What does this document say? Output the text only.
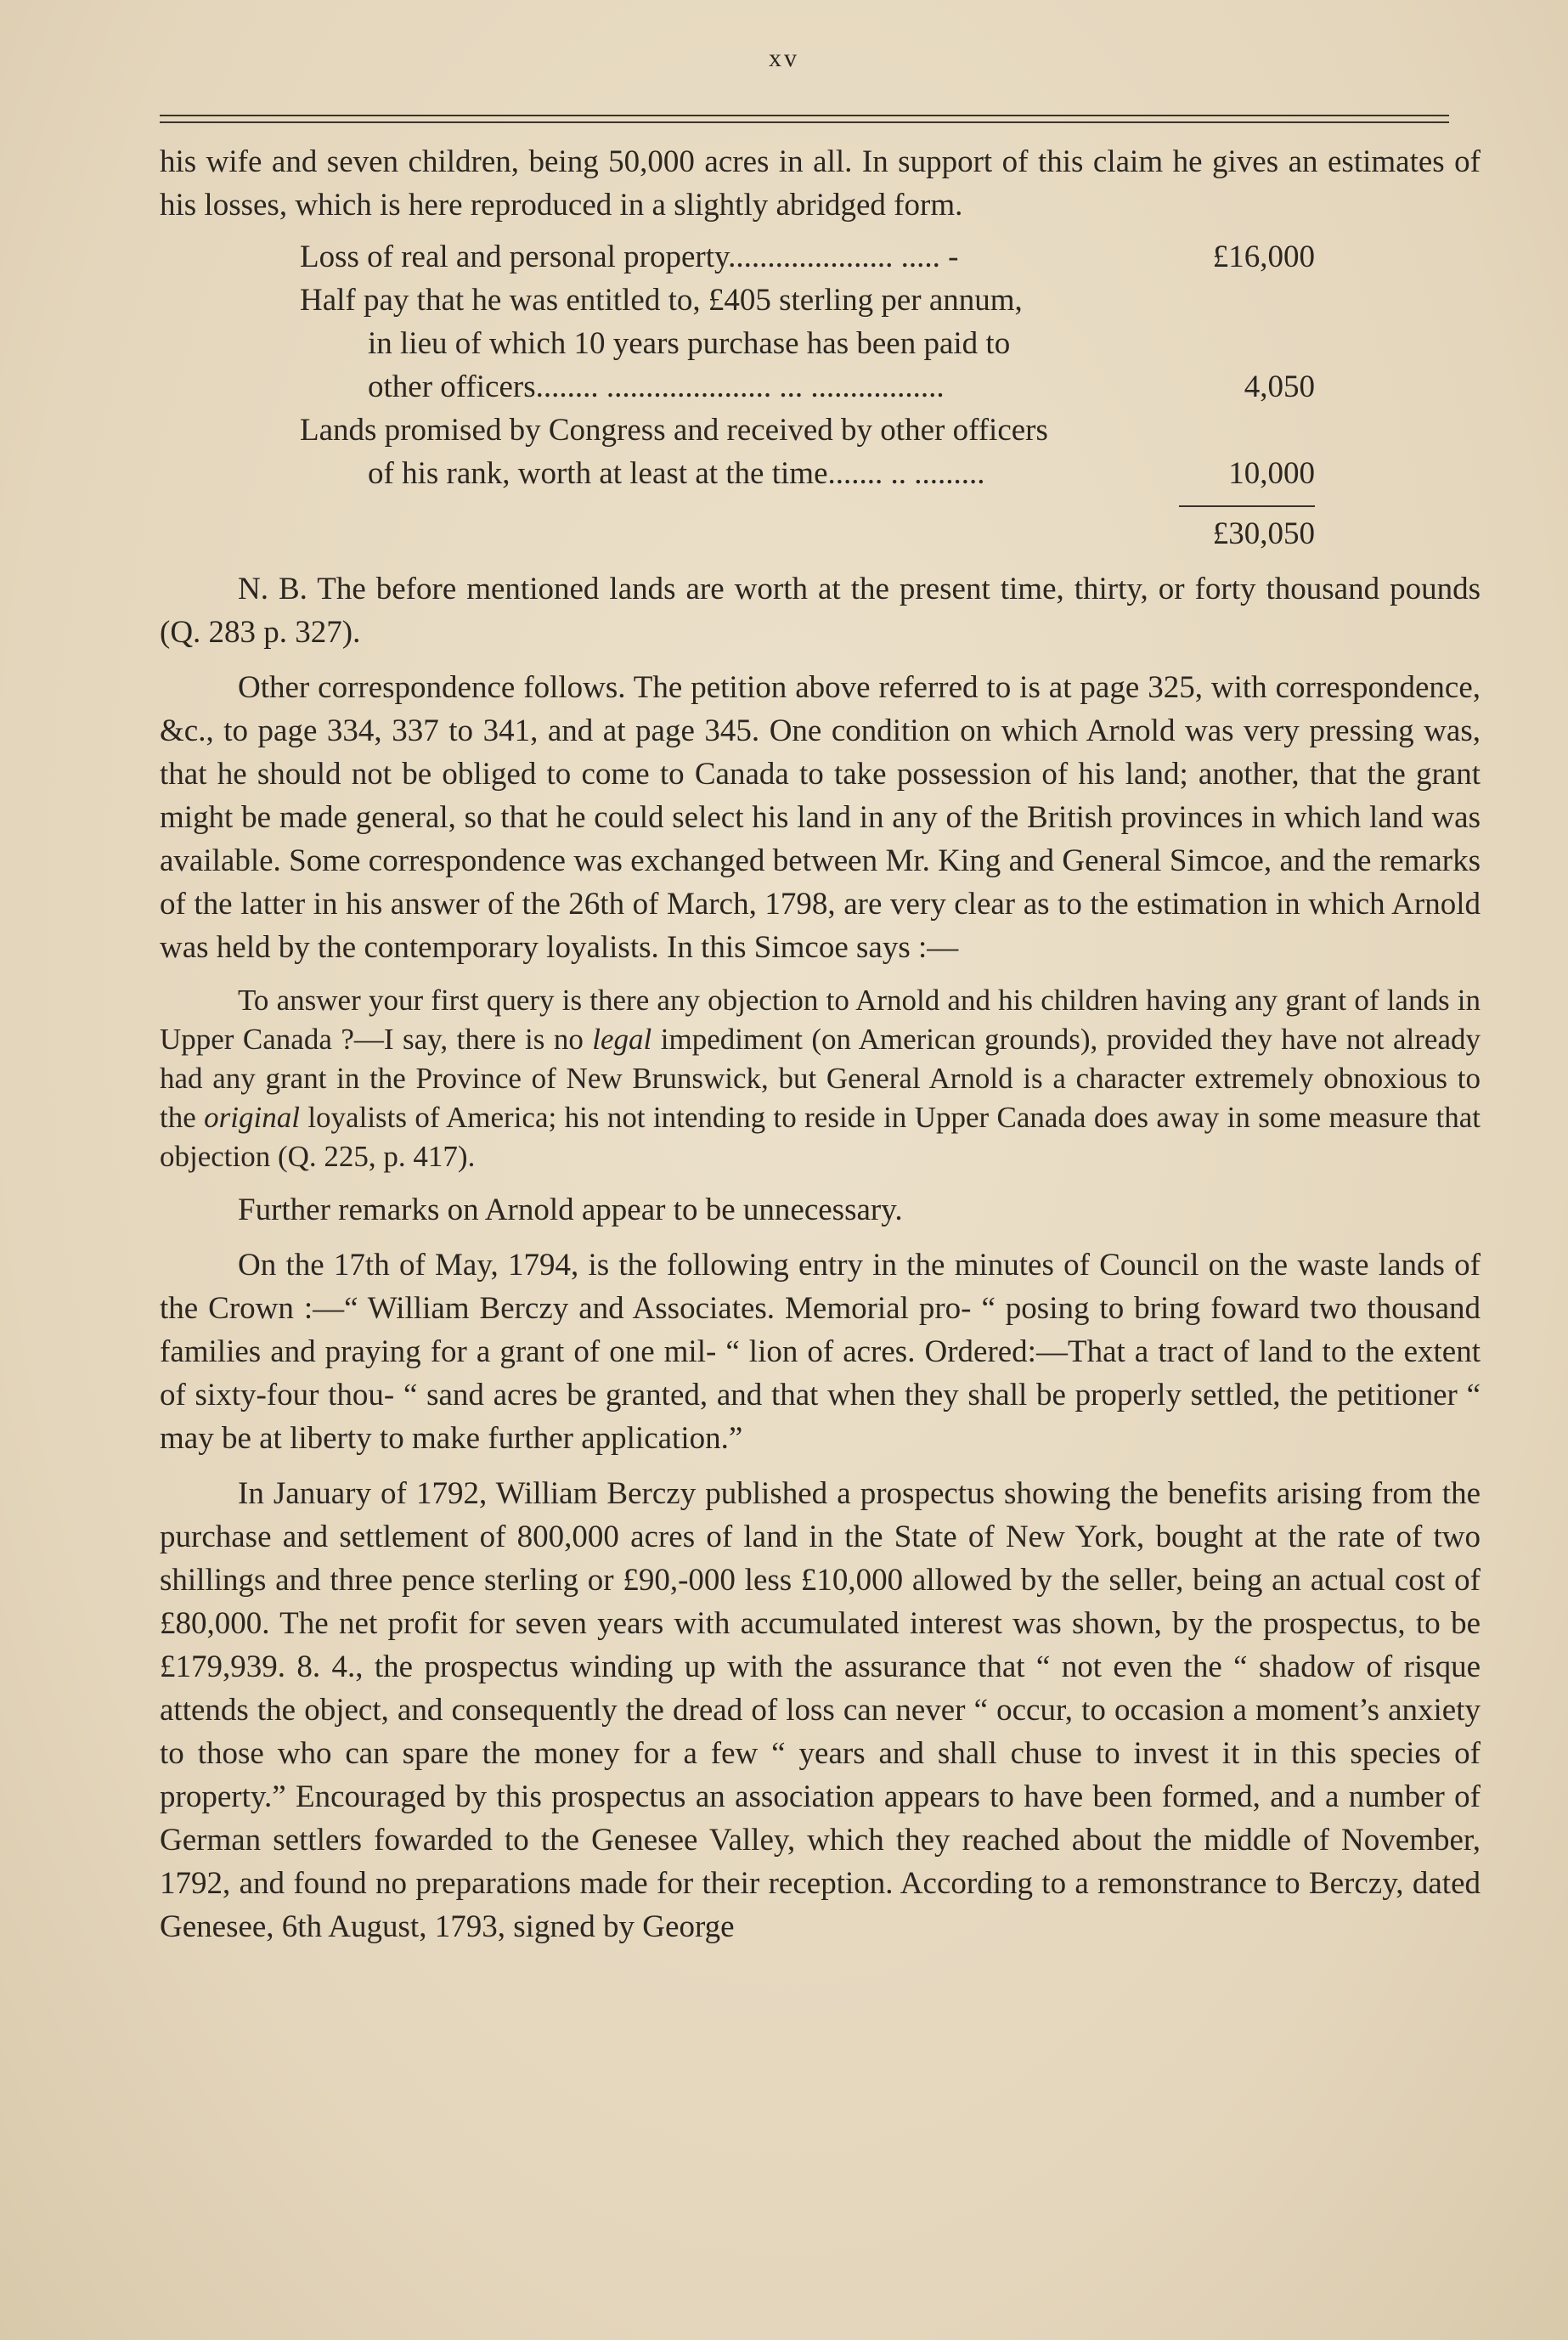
xv

his wife and seven children, being 50,000 acres in all. In support of this claim he gives an estimates of his losses, which is here reproduced in a slightly abridged form.

Loss of real and personal property..................... ..... -	£16,000
Half pay that he was entitled to, £405 sterling per annum,
in lieu of which 10 years purchase has been paid to
other officers........ ..................... ... .................	4,050
Lands promised by Congress and received by other officers
of his rank, worth at least at the time....... .. .........	10,000
£30,050

N. B. The before mentioned lands are worth at the present time, thirty, or forty thousand pounds (Q. 283 p. 327).

Other correspondence follows. The petition above referred to is at page 325, with correspondence, &c., to page 334, 337 to 341, and at page 345. One condition on which Arnold was very pressing was, that he should not be obliged to come to Canada to take possession of his land; another, that the grant might be made general, so that he could select his land in any of the British provinces in which land was available. Some correspondence was exchanged between Mr. King and General Simcoe, and the remarks of the latter in his answer of the 26th of March, 1798, are very clear as to the estimation in which Arnold was held by the contemporary loyalists. In this Simcoe says :—

To answer your first query is there any objection to Arnold and his children having any grant of lands in Upper Canada ?—I say, there is no legal impediment (on American grounds), provided they have not already had any grant in the Province of New Brunswick, but General Arnold is a character extremely obnoxious to the original loyalists of America; his not intending to reside in Upper Canada does away in some measure that objection (Q. 225, p. 417).

Further remarks on Arnold appear to be unnecessary.

On the 17th of May, 1794, is the following entry in the minutes of Council on the waste lands of the Crown :—“ William Berczy and Associates. Memorial pro- “ posing to bring foward two thousand families and praying for a grant of one mil- “ lion of acres. Ordered:—That a tract of land to the extent of sixty-four thou- “ sand acres be granted, and that when they shall be properly settled, the petitioner “ may be at liberty to make further application.”

In January of 1792, William Berczy published a prospectus showing the benefits arising from the purchase and settlement of 800,000 acres of land in the State of New York, bought at the rate of two shillings and three pence sterling or £90,-000 less £10,000 allowed by the seller, being an actual cost of £80,000. The net profit for seven years with accumulated interest was shown, by the prospectus, to be £179,939. 8. 4., the prospectus winding up with the assurance that “ not even the “ shadow of risque attends the object, and consequently the dread of loss can never “ occur, to occasion a moment’s anxiety to those who can spare the money for a few “ years and shall chuse to invest it in this species of property.” Encouraged by this prospectus an association appears to have been formed, and a number of German settlers fowarded to the Genesee Valley, which they reached about the middle of November, 1792, and found no preparations made for their reception. According to a remonstrance to Berczy, dated Genesee, 6th August, 1793, signed by George
